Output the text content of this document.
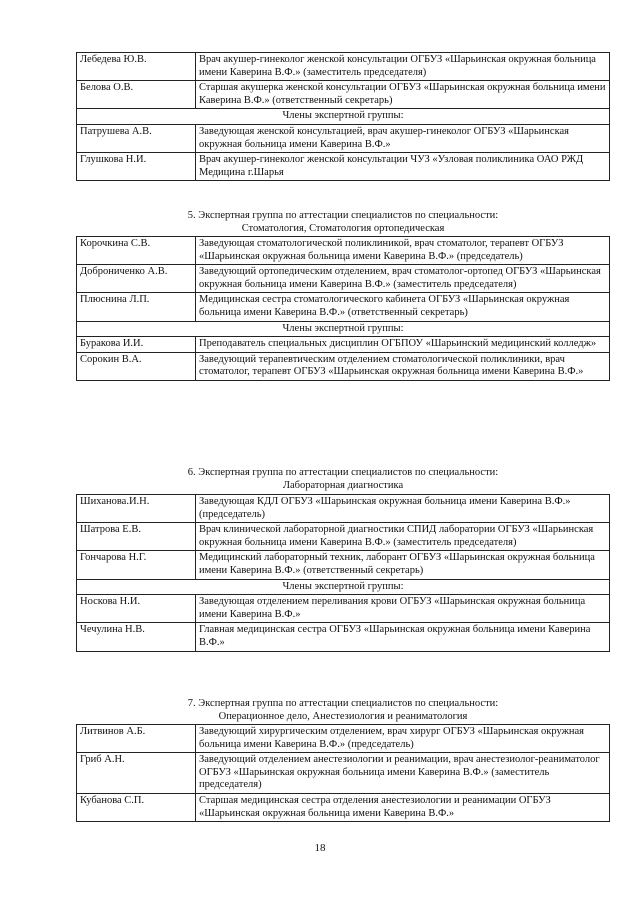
Лебедева Ю.В.	Врач акушер-гинеколог женской консультации ОГБУЗ «Шарьинская окружная больница имени Каверина В.Ф.» (заместитель председателя)
Белова О.В.	Старшая акушерка женской консультации ОГБУЗ «Шарьинская окружная больница имени Каверина В.Ф.» (ответственный секретарь)
Члены экспертной группы:	
Патрушева А.В.	Заведующая женской консультацией, врач акушер-гинеколог ОГБУЗ «Шарьинская окружная больница имени Каверина В.Ф.»
Глушкова Н.И.	Врач акушер-гинеколог женской консультации ЧУЗ «Узловая поликлиника ОАО РЖД Медицина г.Шарья
5. Экспертная группа по аттестации специалистов по специальности:
Стоматология, Стоматология ортопедическая
Корочкина С.В.	Заведующая стоматологической поликлиникой, врач стоматолог, терапевт ОГБУЗ «Шарьинская окружная больница имени Каверина В.Ф.» (председатель)
Доброниченко А.В.	Заведующий ортопедическим отделением, врач стоматолог-ортопед ОГБУЗ «Шарьинская окружная больница имени Каверина В.Ф.» (заместитель председателя)
Плюснина Л.П.	Медицинская сестра стоматологического кабинета ОГБУЗ «Шарьинская окружная больница имени Каверина В.Ф.» (ответственный секретарь)
Члены экспертной группы:	
Буракова И.И.	Преподаватель специальных дисциплин ОГБПОУ «Шарьинский медицинский колледж»
Сорокин В.А.	Заведующий терапевтическим отделением стоматологической поликлиники, врач стоматолог, терапевт ОГБУЗ «Шарьинская окружная больница имени Каверина В.Ф.»
6. Экспертная группа по аттестации специалистов по специальности:
Лабораторная диагностика
Шиханова.И.Н.	Заведующая КДЛ ОГБУЗ «Шарьинская окружная больница имени Каверина В.Ф.» (председатель)
Шатрова Е.В.	Врач клинической лабораторной диагностики СПИД лаборатории ОГБУЗ «Шарьинская окружная больница имени Каверина В.Ф.» (заместитель председателя)
Гончарова Н.Г.	Медицинский лабораторный техник, лаборант ОГБУЗ «Шарьинская окружная больница имени Каверина В.Ф.» (ответственный секретарь)
Члены экспертной группы:	
Носкова Н.И.	Заведующая отделением переливания крови ОГБУЗ «Шарьинская окружная больница имени Каверина В.Ф.»
Чечулина Н.В.	Главная медицинская сестра ОГБУЗ «Шарьинская окружная больница имени Каверина В.Ф.»
7. Экспертная группа по аттестации специалистов по специальности:
Операционное дело, Анестезиология и реаниматология
Литвинов А.Б.	Заведующий хирургическим отделением, врач хирург ОГБУЗ «Шарьинская окружная больница имени Каверина В.Ф.» (председатель)
Гриб А.Н.	Заведующий отделением анестезиологии и реанимации, врач анестезиолог-реаниматолог ОГБУЗ «Шарьинская окружная больница имени Каверина В.Ф.» (заместитель председателя)
Кубанова С.П.	Старшая медицинская сестра отделения анестезиологии и реанимации ОГБУЗ «Шарьинская окружная больница имени Каверина В.Ф.»
18
